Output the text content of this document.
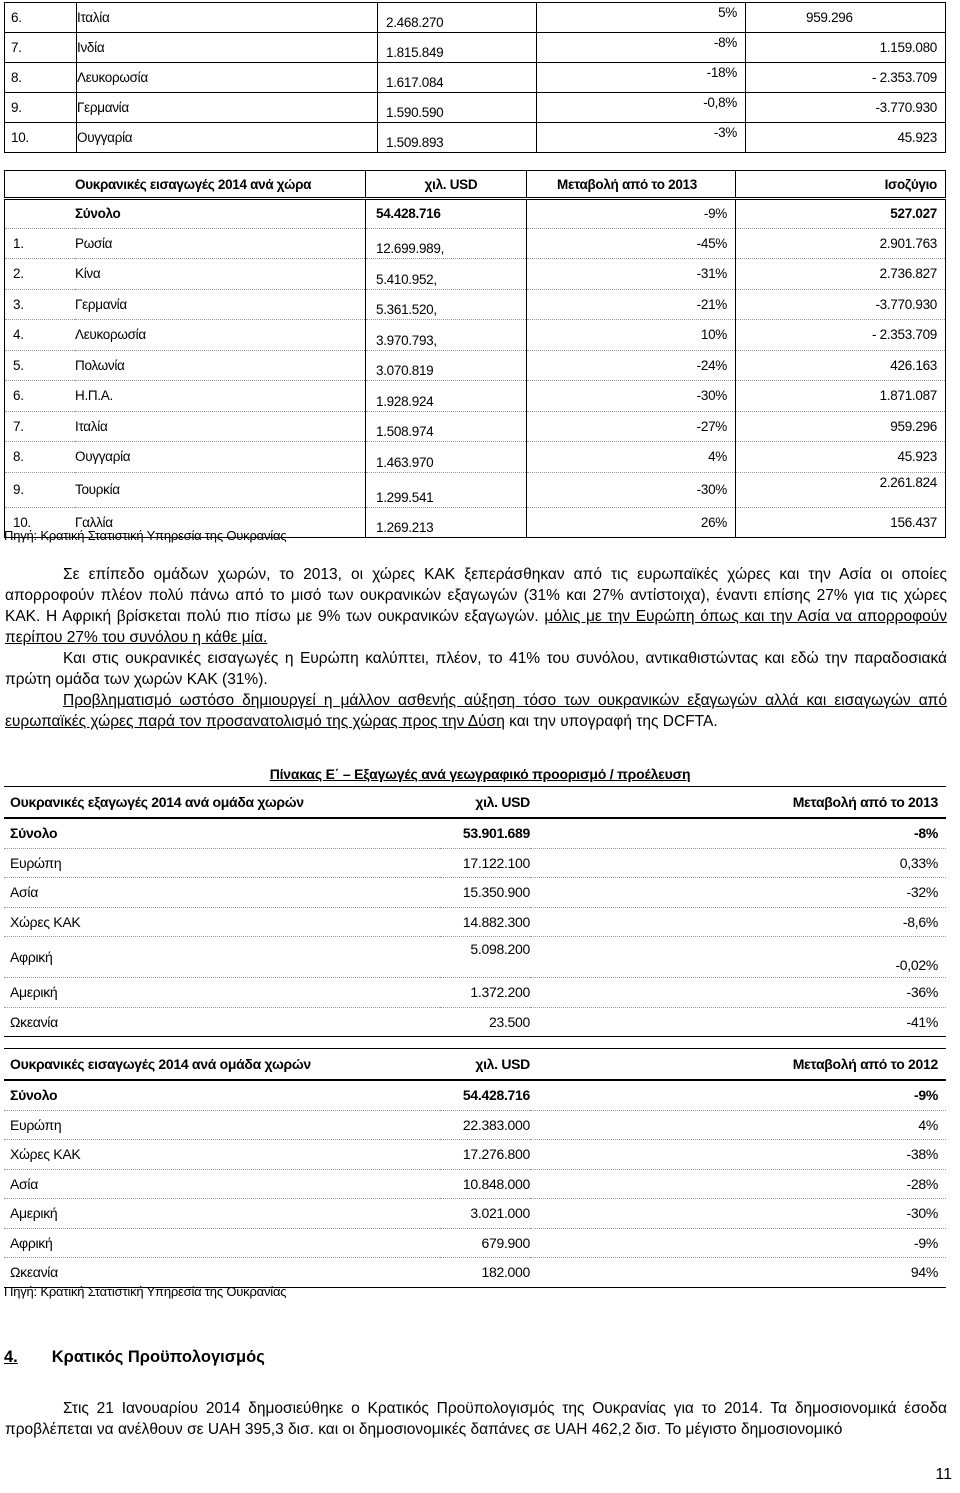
6.	Ιταλία	2.468.270	5%	959.296
7.	Ινδία	1.815.849	-8%	1.159.080
8.	Λευκορωσία	1.617.084	-18%	- 2.353.709
9.	Γερμανία	1.590.590	-0,8%	-3.770.930
10.	Ουγγαρία	1.509.893	-3%	45.923
	Ουκρανικές εισαγωγές 2014 ανά χώρα	χιλ. USD	Μεταβολή από το 2013	Ισοζύγιο
	Σύνολο	54.428.716	-9%	527.027
1.	Ρωσία	12.699.989,	-45%	2.901.763
2.	Κίνα	5.410.952,	-31%	2.736.827
3.	Γερμανία	5.361.520,	-21%	-3.770.930
4.	Λευκορωσία	3.970.793,	10%	- 2.353.709
5.	Πολωνία	3.070.819	-24%	426.163
6.	Η.Π.Α.	1.928.924	-30%	1.871.087
7.	Ιταλία	1.508.974	-27%	959.296
8.	Ουγγαρία	1.463.970	4%	45.923
9.	Τουρκία	1.299.541	-30%	2.261.824
10.	Γαλλία	1.269.213	26%	156.437
Πηγή: Κρατική Στατιστική Υπηρεσία της Ουκρανίας

Σε επίπεδο ομάδων χωρών, το 2013, οι χώρες ΚΑΚ ξεπεράσθηκαν από τις ευρωπαϊκές χώρες και την Ασία οι οποίες απορροφούν πλέον πολύ πάνω από το μισό των ουκρανικών εξαγωγών (31% και 27% αντίστοιχα), έναντι επίσης 27% για τις χώρες ΚΑΚ. Η Αφρική βρίσκεται πολύ πιο πίσω με 9% των ουκρανικών εξαγωγών. μόλις με την Ευρώπη όπως και την Ασία να απορροφούν περίπου 27% του συνόλου η κάθε μία.

Και στις ουκρανικές εισαγωγές η Ευρώπη καλύπτει, πλέον, το 41% του συνόλου, αντικαθιστώντας και εδώ την παραδοσιακά πρώτη ομάδα των χωρών ΚΑΚ (31%).

Προβληματισμό ωστόσο δημιουργεί η μάλλον ασθενής αύξηση τόσο των ουκρανικών εξαγωγών αλλά και εισαγωγών από ευρωπαϊκές χώρες παρά τον προσανατολισμό της χώρας προς την Δύση και την υπογραφή της DCFTA.

Πίνακας Ε΄ – Εξαγωγές ανά γεωγραφικό προορισμό / προέλευση
Ουκρανικές εξαγωγές 2014 ανά ομάδα χωρών	χιλ. USD	Μεταβολή από το 2013
Σύνολο	53.901.689	-8%
Ευρώπη	17.122.100	0,33%
Ασία	15.350.900	-32%
Χώρες ΚΑΚ	14.882.300	-8,6%
Αφρική	5.098.200	-0,02%
Αμερική	1.372.200	-36%
Ωκεανία	23.500	-41%
Ουκρανικές εισαγωγές 2014 ανά ομάδα χωρών	χιλ. USD	Μεταβολή από το 2012
Σύνολο	54.428.716	-9%
Ευρώπη	22.383.000	4%
Χώρες ΚΑΚ	17.276.800	-38%
Ασία	10.848.000	-28%
Αμερική	3.021.000	-30%
Αφρική	679.900	-9%
Ωκεανία	182.000	94%
Πηγή: Κρατική Στατιστική Υπηρεσία της Ουκρανίας
4. Κρατικός Προϋπολογισμός

Στις 21 Ιανουαρίου 2014 δημοσιεύθηκε ο Κρατικός Προϋπολογισμός της Ουκρανίας για το 2014. Τα δημοσιονομικά έσοδα προβλέπεται να ανέλθουν σε UAH 395,3 δισ. και οι δημοσιονομικές δαπάνες σε UAH 462,2 δισ. Το μέγιστο δημοσιονομικό

11
